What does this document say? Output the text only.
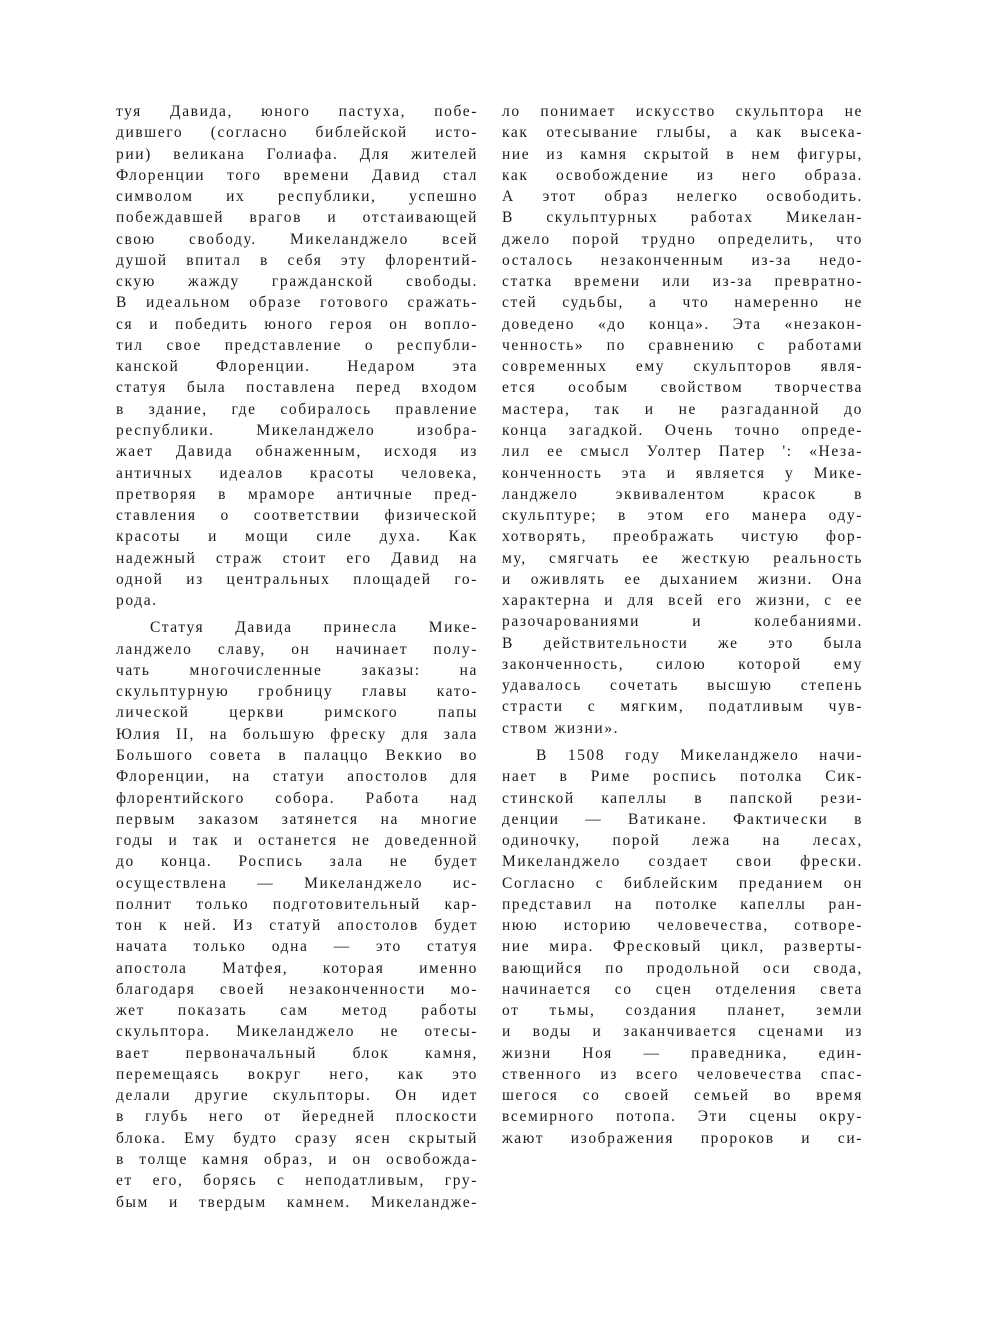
туя Давида, юного пастуха, побе-
дившего (согласно библейской исто-
рии) великана Голиафа. Для жителей
Флоренции того времени Давид стал
символом их республики, успешно
побеждавшей врагов и отстаивающей
свою свободу. Микеланджело всей
душой впитал в себя эту флорентий-
скую жажду гражданской свободы.
В идеальном образе готового сражать-
ся и победить юного героя он вопло-
тил свое представление о республи-
канской Флоренции. Недаром эта
статуя была поставлена перед входом
в здание, где собиралось правление
республики. Микеланджело изобра-
жает Давида обнаженным, исходя из
античных идеалов красоты человека,
претворяя в мраморе античные пред-
ставления о соответствии физической
красоты и мощи силе духа. Как
надежный страж стоит его Давид на
одной из центральных площадей го-
рода.
Статуя Давида принесла Мике-
ланджело славу, он начинает полу-
чать многочисленные заказы: на
скульптурную гробницу главы като-
лической церкви римского папы
Юлия II, на большую фреску для зала
Большого совета в палаццо Веккио во
Флоренции, на статуи апостолов для
флорентийского собора. Работа над
первым заказом затянется на многие
годы и так и останется не доведенной
до конца. Роспись зала не будет
осуществлена — Микеланджело ис-
полнит только подготовительный кар-
тон к ней. Из статуй апостолов будет
начата только одна — это статуя
апостола Матфея, которая именно
благодаря своей незаконченности мо-
жет показать сам метод работы
скульптора. Микеланджело не отесы-
вает первоначальный блок камня,
перемещаясь вокруг него, как это
делали другие скульпторы. Он идет
в глубь него от йередней плоскости
блока. Ему будто сразу ясен скрытый
в толще камня образ, и он освобожда-
ет его, борясь с неподатливым, гру-
бым и твердым камнем. Микеландже-
ло понимает искусство скульптора не
как отесывание глыбы, а как высека-
ние из камня скрытой в нем фигуры,
как освобождение из него образа.
А этот образ нелегко освободить.
В скульптурных работах Микелан-
джело порой трудно определить, что
осталось незаконченным из-за недо-
статка времени или из-за превратно-
стей судьбы, а что намеренно не
доведено «до конца». Эта «незакон-
ченность» по сравнению с работами
современных ему скульпторов явля-
ется особым свойством творчества
мастера, так и не разгаданной до
конца загадкой. Очень точно опреде-
лил ее смысл Уолтер Патер ': «Неза-
конченность эта и является у Мике-
ланджело эквивалентом красок в
скульптуре; в этом его манера оду-
хотворять, преображать чистую фор-
му, смягчать ее жесткую реальность
и оживлять ее дыханием жизни. Она
характерна и для всей его жизни, с ее
разочарованиями и колебаниями.
В действительности же это была
законченность, силою которой ему
удавалось сочетать высшую степень
страсти с мягким, податливым чув-
ством жизни».
В 1508 году Микеланджело начи-
нает в Риме роспись потолка Сик-
стинской капеллы в папской рези-
денции — Ватикане. Фактически в
одиночку, порой лежа на лесах,
Микеланджело создает свои фрески.
Согласно с библейским преданием он
представил на потолке капеллы ран-
нюю историю человечества, сотворе-
ние мира. Фресковый цикл, разверты-
вающийся по продольной оси свода,
начинается со сцен отделения света
от тьмы, создания планет, земли
и воды и заканчивается сценами из
жизни Ноя — праведника, един-
ственного из всего человечества спас-
шегося со своей семьей во время
всемирного потопа. Эти сцены окру-
жают изображения пророков и си-
